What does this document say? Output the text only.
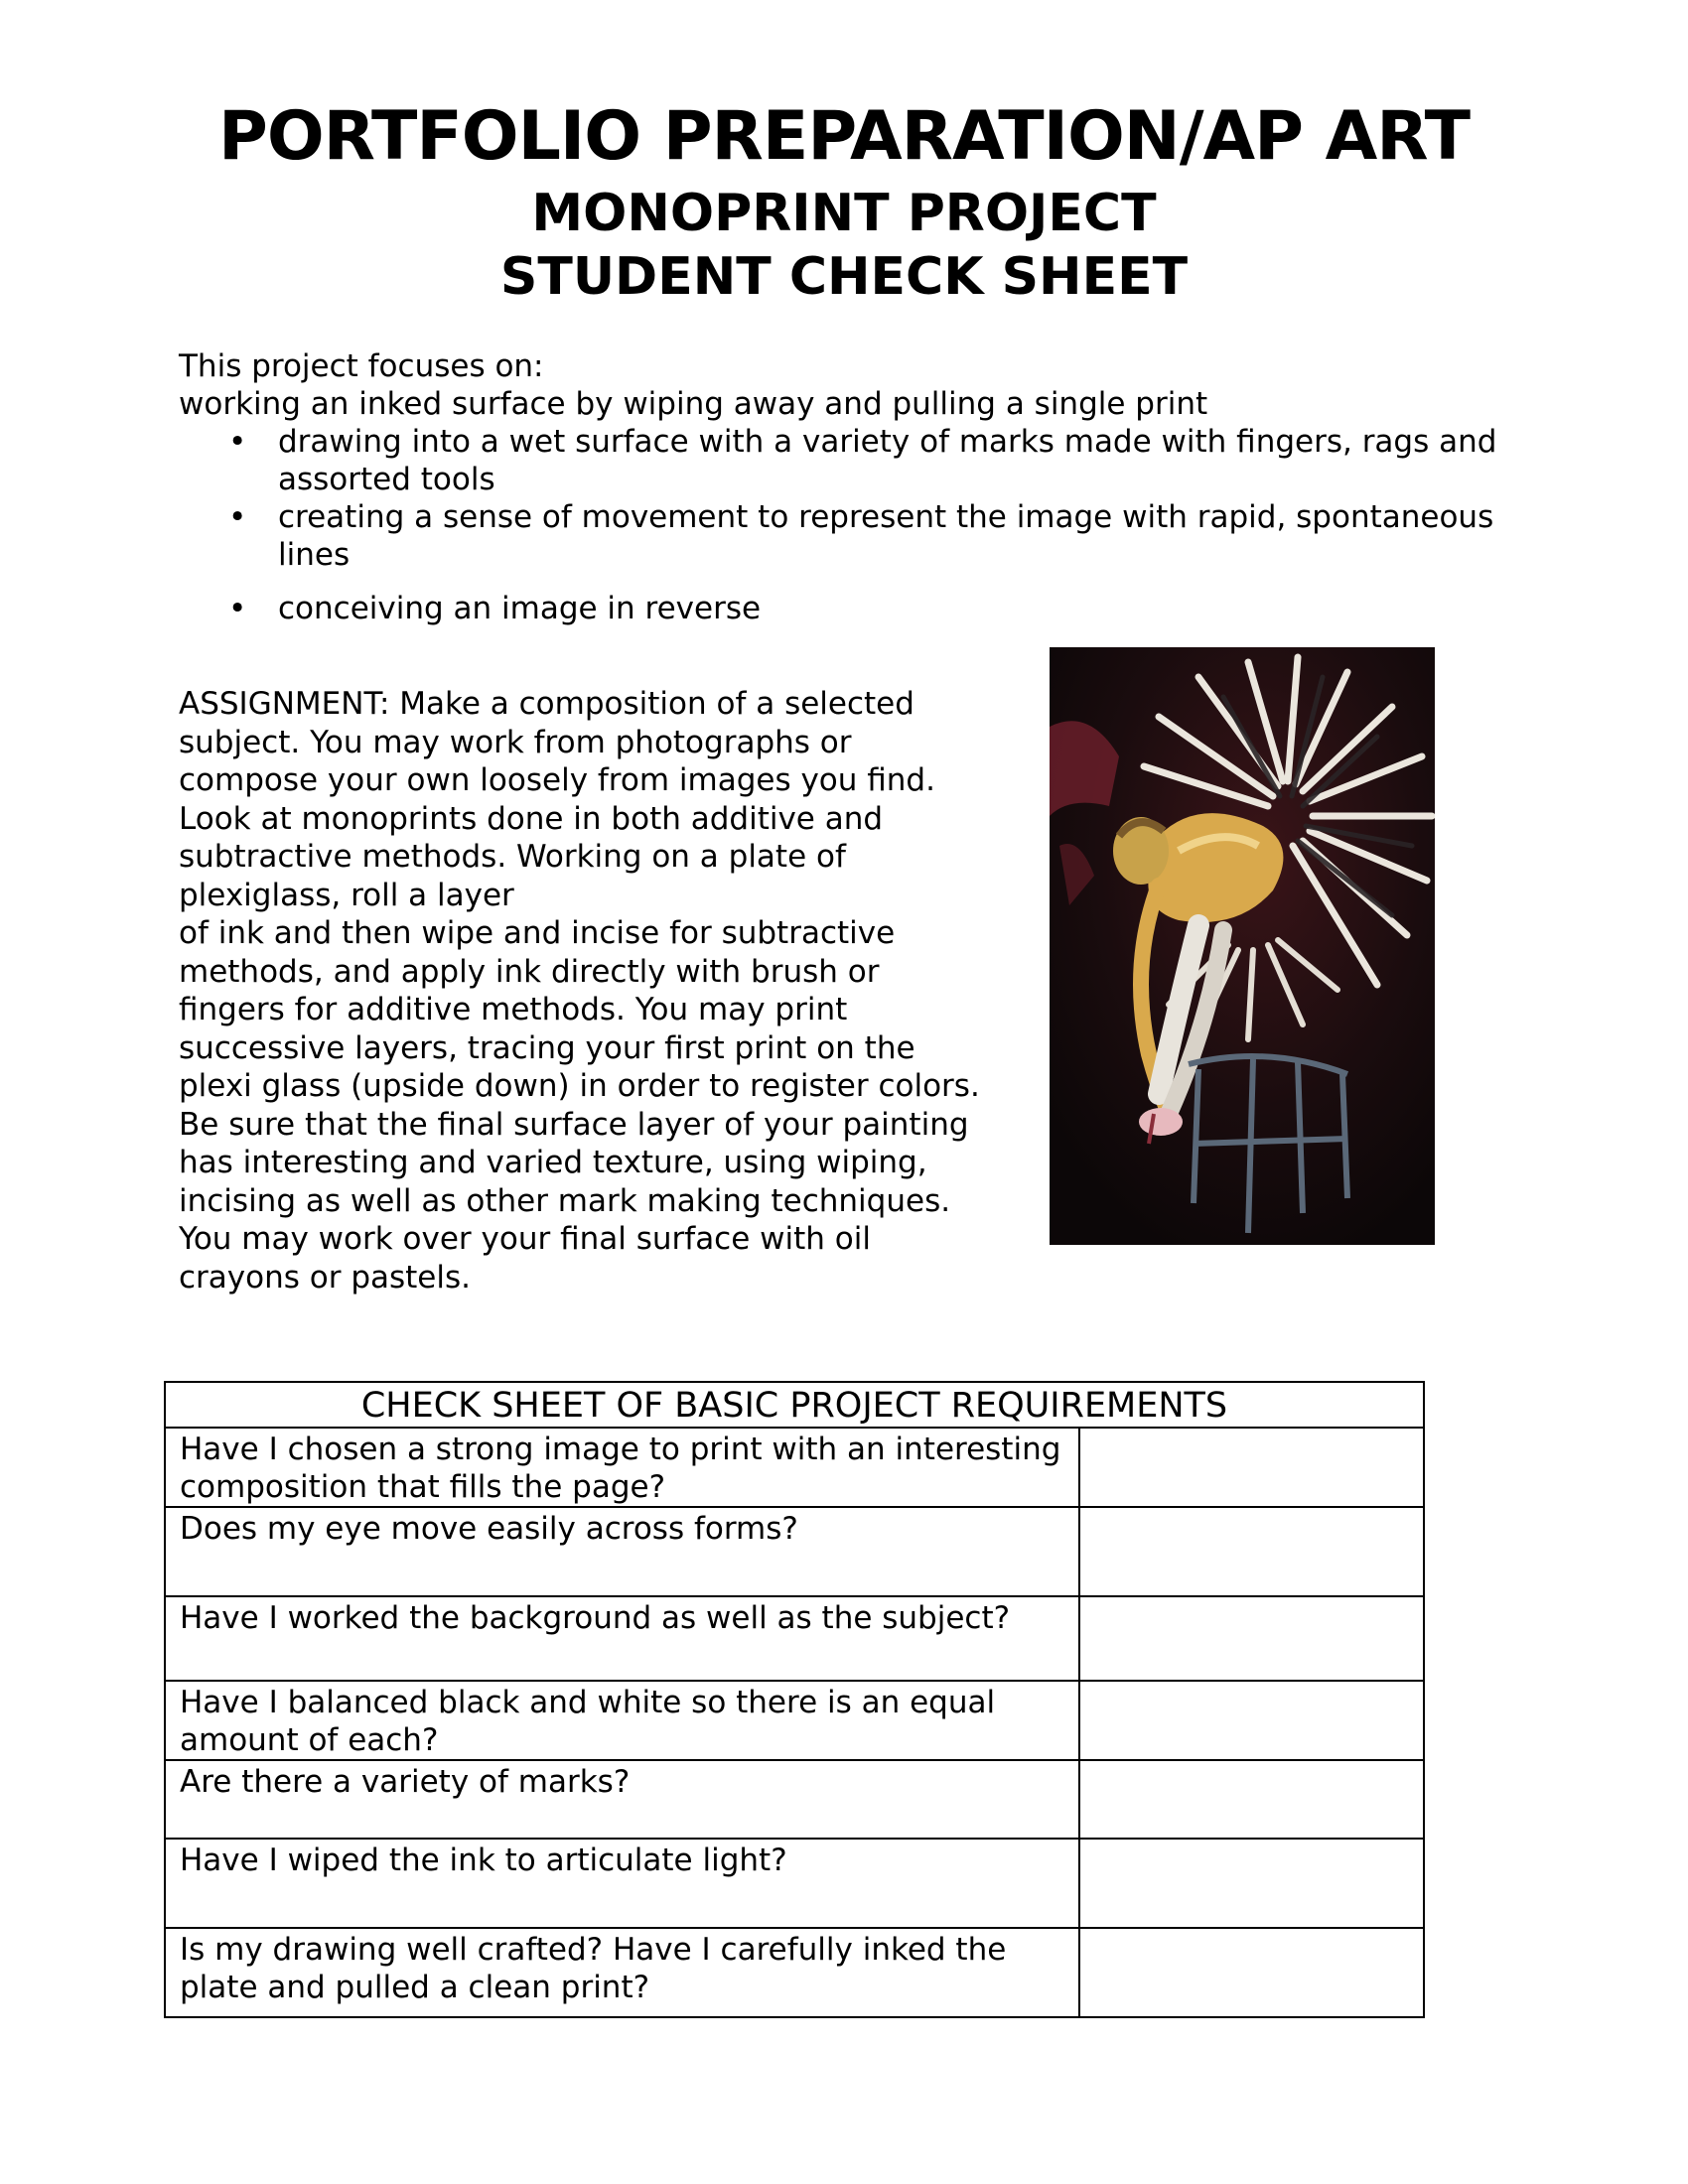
PORTFOLIO PREPARATION/AP ART
MONOPRINT PROJECT
STUDENT CHECK SHEET

This project focuses on:

working an inked surface by wiping away and pulling a single print

• drawing into a wet surface with a variety of marks made with fingers, rags and assorted tools
• creating a sense of movement to represent the image with rapid, spontaneous lines
• conceiving an image in reverse
ASSIGNMENT: Make a composition of a selected
subject. You may work from photographs or
compose your own loosely from images you find.
Look at monoprints done in both additive and
subtractive methods. Working on a plate of
plexiglass, roll a layer
of ink and then wipe and incise for subtractive
methods, and apply ink directly with brush or
fingers for additive methods. You may print
successive layers, tracing your first print on the
plexi glass (upside down) in order to register colors.
Be sure that the final surface layer of your painting
has interesting and varied texture, using wiping,
incising as well as other mark making techniques.
You may work over your final surface with oil
crayons or pastels.
CHECK SHEET OF BASIC PROJECT REQUIREMENTS	
Have I chosen a strong image to print with an interesting composition that fills the page?	
Does my eye move easily across forms?	
Have I worked the background as well as the subject?	
Have I balanced black and white so there is an equal amount of each?	
Are there a variety of marks?	
Have I wiped the ink to articulate light?	
Is my drawing well crafted? Have I carefully inked the plate and pulled a clean print?	
